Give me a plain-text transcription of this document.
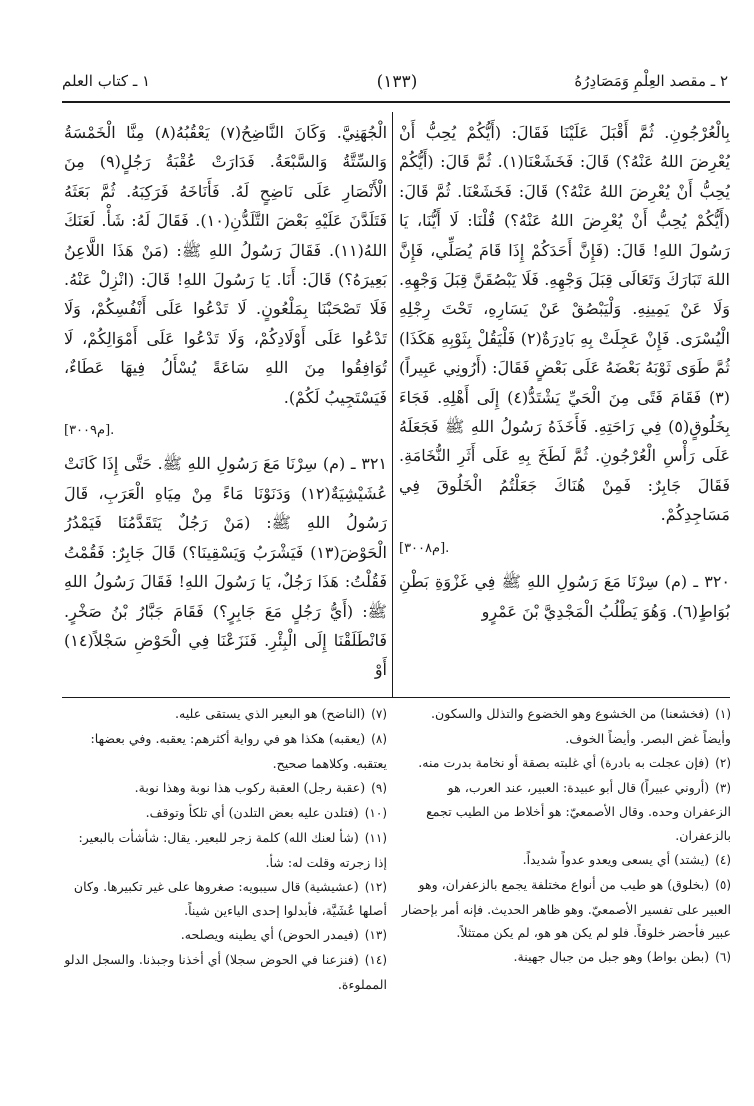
٢ ـ مقصد العِلْمِ وَمَصَادِرُهُ
(١٣٣)
١ ـ كتاب العلم

بِالْعُرْجُونِ. ثُمَّ أَقْبَلَ عَلَيْنَا فَقَالَ: (أَيُّكُمْ يُحِبُّ أَنْ يُعْرِضَ اللهُ عَنْهُ؟) قَالَ: فَخَشَعْنَا(١). ثُمَّ قَالَ: (أَيُّكُمْ يُحِبُّ أَنْ يُعْرِضَ اللهُ عَنْهُ؟) قَالَ: فَخَشَعْنَا. ثُمَّ قَالَ: (أَيُّكُمْ يُحِبُّ أَنْ يُعْرِضَ اللهُ عَنْهُ؟) قُلْنَا: لَا أَيُّنَا، يَا رَسُولَ اللهِ! قَالَ: (فَإِنَّ أَحَدَكُمْ إِذَا قَامَ يُصَلِّي، فَإِنَّ اللهَ تَبَارَكَ وَتَعَالَى قِبَلَ وَجْهِهِ. فَلَا يَبْصُقَنَّ قِبَلَ وَجْهِهِ. وَلَا عَنْ يَمِينِهِ. وَلْيَبْصُقْ عَنْ يَسَارِهِ، تَحْتَ رِجْلِهِ الْيُسْرَى. فَإِنْ عَجِلَتْ بِهِ بَادِرَةٌ(٢) فَلْيَقُلْ بِثَوْبِهِ هَكَذَا) ثُمَّ طَوَى ثَوْبَهُ بَعْضَهُ عَلَى بَعْضٍ فَقَالَ: (أَرُونِي عَبِيراً)(٣) فَقَامَ فَتًى مِنَ الْحَيِّ يَشْتَدُّ(٤) إِلَى أَهْلِهِ. فَجَاءَ بِخَلُوقٍ(٥) فِي رَاحَتِهِ. فَأَخَذَهُ رَسُولُ اللهِ ﷺ فَجَعَلَهُ عَلَى رَأْسِ الْعُرْجُونِ. ثُمَّ لَطَخَ بِهِ عَلَى أَثَرِ النُّخَامَةِ. فَقَالَ جَابِرٌ: فَمِنْ هُنَاكَ جَعَلْتُمُ الْخَلُوقَ فِي مَسَاجِدِكُمْ.

[م٣٠٠٨].

٣٢٠ ـ (م) سِرْنَا مَعَ رَسُولِ اللهِ ﷺ فِي غَزْوَةِ بَطْنِ بُوَاطٍ(٦). وَهُوَ يَطْلُبُ الْمَجْدِيَّ بْنَ عَمْرٍو

الْجُهَنِيَّ. وَكَانَ النَّاضِحُ(٧) يَعْقُبُهُ(٨) مِنَّا الْخَمْسَةُ وَالسِّتَّةُ وَالسَّبْعَةُ. فَدَارَتْ عُقْبَةُ رَجُلٍ(٩) مِنَ الْأَنْصَارِ عَلَى نَاضِحٍ لَهُ. فَأَنَاخَهُ فَرَكِبَهُ. ثُمَّ بَعَثَهُ فَتَلَدَّنَ عَلَيْهِ بَعْضَ التَّلَدُّنِ(١٠). فَقَالَ لَهُ: شَأْ. لَعَنَكَ اللهُ(١١). فَقَالَ رَسُولُ اللهِ ﷺ: (مَنْ هَذَا اللَّاعِنُ بَعِيرَهُ؟) قَالَ: أَنَا. يَا رَسُولَ اللهِ! قَالَ: (انْزِلْ عَنْهُ. فَلَا تَصْحَبْنَا بِمَلْعُونٍ. لَا تَدْعُوا عَلَى أَنْفُسِكُمْ، وَلَا تَدْعُوا عَلَى أَوْلَادِكُمْ، وَلَا تَدْعُوا عَلَى أَمْوَالِكُمْ، لَا تُوَافِقُوا مِنَ اللهِ سَاعَةً يُسْأَلُ فِيهَا عَطَاءٌ، فَيَسْتَجِيبُ لَكُمْ).

[م٣٠٠٩].

٣٢١ ـ (م) سِرْنَا مَعَ رَسُولِ اللهِ ﷺ. حَتَّى إِذَا كَانَتْ عُشَيْشِيَةٌ(١٢) وَدَنَوْنَا مَاءً مِنْ مِيَاهِ الْعَرَبِ، قَالَ رَسُولُ اللهِ ﷺ: (مَنْ رَجُلٌ يَتَقَدَّمُنَا فَيَمْدُرُ الْحَوْضَ(١٣) فَيَشْرَبُ وَيَسْقِينَا؟) قَالَ جَابِرٌ: فَقُمْتُ فَقُلْتُ: هَذَا رَجُلٌ، يَا رَسُولَ اللهِ! فَقَالَ رَسُولُ اللهِ ﷺ: (أَيُّ رَجُلٍ مَعَ جَابِرٍ؟) فَقَامَ جَبَّارُ بْنُ صَخْرٍ. فَانْطَلَقْنَا إِلَى الْبِئْرِ. فَنَزَعْنَا فِي الْحَوْضِ سَجْلاً(١٤) أَوْ

(١)(فخشعنا) من الخشوع وهو الخضوع والتذلل والسكون. وأيضاً غض البصر. وأيضاً الخوف.
(٢)(فإن عجلت به بادرة) أي غلبته بصقة أو نخامة بدرت منه.
(٣)(أروني عبيراً) قال أبو عبيدة: العبير، عند العرب، هو الزعفران وحده. وقال الأصمعيّ: هو أخلاط من الطيب تجمع بالزعفران.
(٤)(يشتد) أي يسعى ويعدو عدواً شديداً.
(٥)(بخلوق) هو طيب من أنواع مختلفة يجمع بالزعفران، وهو العبير على تفسير الأصمعيّ. وهو ظاهر الحديث. فإنه أمر بإحضار عبير فأحضر خلوقاً. فلو لم يكن هو هو، لم يكن ممتثلاً.
(٦)(بطن بواط) وهو جبل من جبال جهينة.
(٧)(الناضح) هو البعير الذي يستقى عليه.
(٨)(يعقبه) هكذا هو في رواية أكثرهم: يعقبه. وفي بعضها: يعتقبه. وكلاهما صحيح.
(٩)(عقبة رجل) العقبة ركوب هذا نوبة وهذا نوبة.
(١٠)(فتلدن عليه بعض التلدن) أي تلكأ وتوقف.
(١١)(شأ لعنك الله) كلمة زجر للبعير. يقال: شأشأت بالبعير: إذا زجرته وقلت له: شأ.
(١٢)(عشيشية) قال سيبويه: صغروها على غير تكبيرها. وكان أصلها عُشَيَّة، فأبدلوا إحدى الياءين شيناً.
(١٣)(فيمدر الحوض) أي يطينه ويصلحه.
(١٤)(فنزعنا في الحوض سجلا) أي أخذنا وجبذنا. والسجل الدلو المملوءة.
